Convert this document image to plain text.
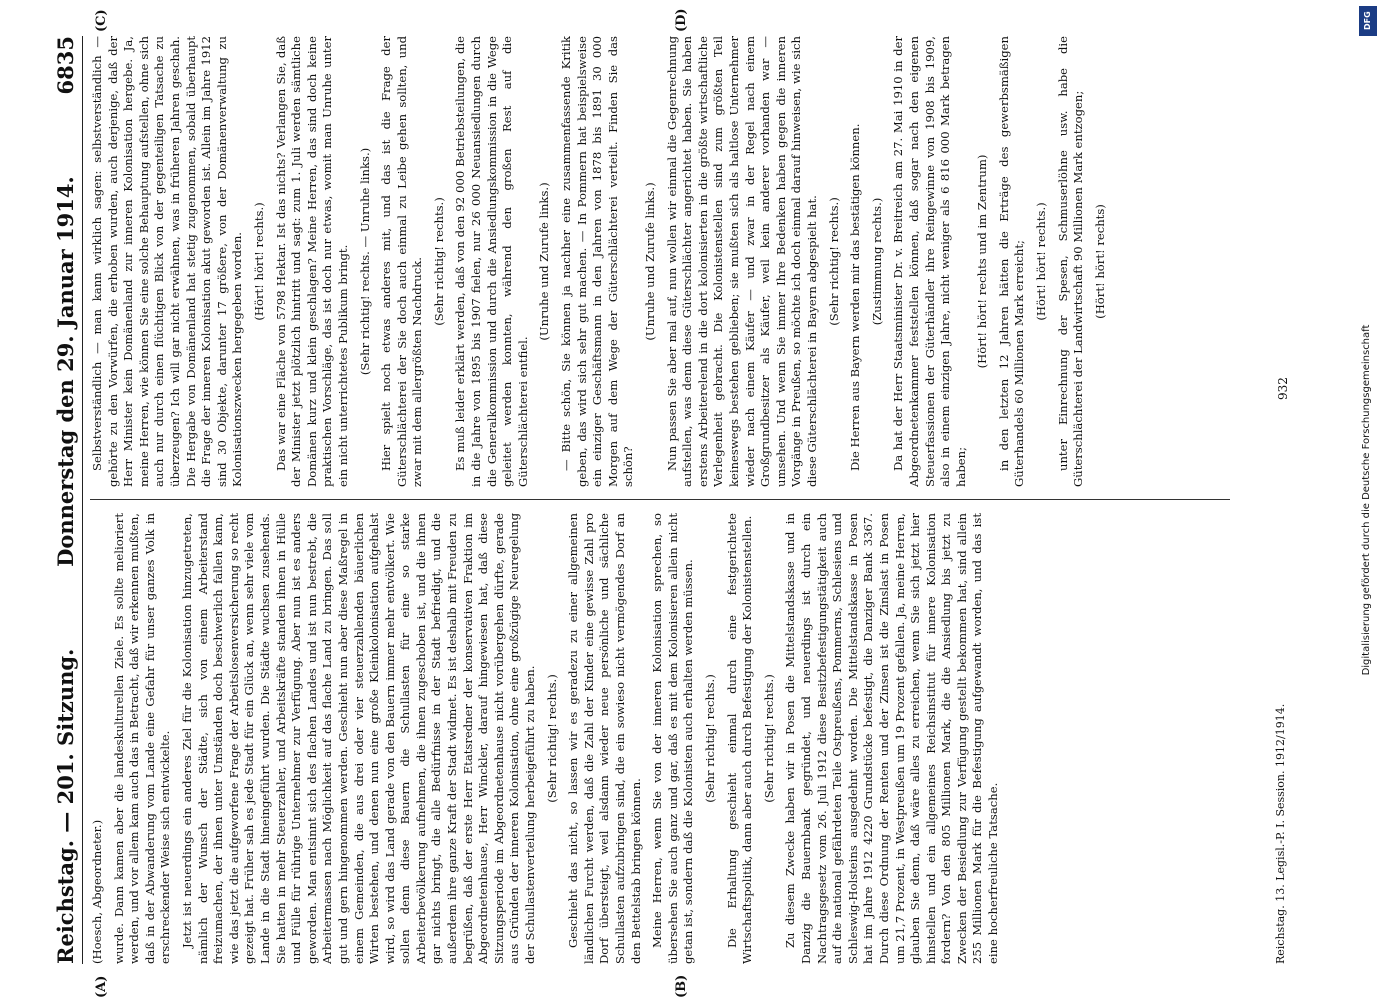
Reichstag. — 201. Sitzung.
Donnerstag den 29. Januar 1914.
6835

(Hoesch, Abgeordneter.) wurde. Dann kamen aber die landeskulturellen Ziele. Es sollte melioriert werden, und vor allem kam auch das in Betracht, daß wir erkennen mußten, daß in der Abwanderung vom Lande eine Gefahr für unser ganzes Volk in erschreckender Weise sich entwickelte. Jetzt ist neuerdings ein anderes Ziel für die Kolonisation hinzugetreten, nämlich der Wunsch der Städte, sich von einem Arbeiterstand freizumachen, der ihnen unter Umständen doch beschwerlich fallen kann, wie das jetzt die aufgeworfene Frage der Arbeitslosenversicherung so recht gezeigt hat. Früher sah es jede Stadt für ein Glück an, wenn sehr viele vom Lande in die Stadt hineingeführt wurden. Die Städte wuchsen zusehends. Sie hatten in mehr Steuerzahler, und Arbeitskräfte standen ihnen in Hülle und Fülle für rührige Unternehmer zur Verfügung. Aber nun ist es anders geworden. Man entsinnt sich des flachen Landes und ist nun bestrebt, die Arbeitermassen nach Möglichkeit auf das flache Land zu bringen. Das soll gut und gern hingenommen werden. Geschieht nun aber diese Maßregel in einem Gemeinden, die aus drei oder vier steuerzahlenden bäuerlichen Wirten bestehen, und denen nun eine große Kleinkolonisation aufgehalst wird, so wird das Land gerade von den Bauern immer mehr entvölkert. Wie sollen denn diese Bauern die Schullasten für eine so starke Arbeiterbevölkerung aufnehmen, die ihnen zugeschoben ist, und die ihnen gar nichts bringt, die alle Bedürfnisse in der Stadt befriedigt, und die außerdem ihre ganze Kraft der Stadt widmet. Es ist deshalb mit Freuden zu begrüßen, daß der erste Herr Etatsredner der konservativen Fraktion im Abgeordnetenhause, Herr Winckler, darauf hingewiesen hat, daß diese Sitzungsperiode im Abgeordnetenhause nicht vorübergehen dürfte, gerade aus Gründen der inneren Kolonisation, ohne eine großzügige Neuregelung der Schullastenverteilung herbeigeführt zu haben. (Sehr richtig! rechts.) Geschieht das nicht, so lassen wir es geradezu zu einer allgemeinen ländlichen Furcht werden, daß die Zahl der Kinder eine gewisse Zahl pro Dorf übersteigt, weil alsdann wieder neue persönliche und sächliche Schullasten aufzubringen sind, die ein sowieso nicht vermögendes Dorf an den Bettelstab bringen können. Meine Herren, wenn Sie von der inneren Kolonisation sprechen, so übersehen Sie auch ganz und gar, daß es mit dem Kolonisieren allein nicht getan ist, sondern daß die Kolonisten auch erhalten werden müssen. (Sehr richtig! rechts.) Die Erhaltung geschieht einmal durch eine festgerichtete Wirtschaftspolitik, dann aber auch durch Befestigung der Kolonistenstellen. (Sehr richtig! rechts.) Zu diesem Zwecke haben wir in Posen die Mittelstandskasse und in Danzig die Bauernbank gegründet, und neuerdings ist durch ein Nachtragsgesetz vom 26. Juli 1912 diese Besitzbefestigungstätigkeit auch auf die national gefährdeten Teile Ostpreußens, Pommerns, Schlesiens und Schleswig-Holsteins ausgedehnt worden. Die Mittelstandskasse in Posen hat im Jahre 1912 4220 Grundstücke befestigt, die Danziger Bank 3367. Durch diese Ordnung der Renten und der Zinsen ist die Zinslast in Posen um 21,7 Prozent, in Westpreußen um 19 Prozent gefallen. Ja, meine Herren, glauben Sie denn, daß wäre alles zu erreichen, wenn Sie sich jetzt hier hinstellen und ein allgemeines Reichsinstitut für innere Kolonisation fordern? Von den 805 Millionen Mark, die die Ansiedlung bis jetzt zu Zwecken der Besiedlung zur Verfügung gestellt bekommen hat, sind allein 255 Millionen Mark für die Befestigung aufgewandt worden, und das ist eine hocherfreuliche Tatsache.

Selbstverständlich — man kann wirklich sagen: selbstverständlich — gehörte zu den Vorwürfen, die erhoben wurden, auch derjenige, daß der Herr Minister kein Domänenland zur inneren Kolonisation hergebe. Ja, meine Herren, wie können Sie eine solche Behauptung aufstellen, ohne sich auch nur durch einen flüchtigen Blick von der gegenteiligen Tatsache zu überzeugen? Ich will gar nicht erwähnen, was in früheren Jahren geschah. Die Hergabe von Domänenland hat stetig zugenommen, sobald überhaupt die Frage der inneren Kolonisation akut geworden ist. Allein im Jahre 1912 sind 30 Objekte, darunter 17 größere, von der Domänenverwaltung zu Kolonisationszwecken hergegeben worden. (Hört! hört! rechts.) Das war eine Fläche von 5798 Hektar. Ist das nichts? Verlangen Sie, daß der Minister jetzt plötzlich hintritt und sagt: zum 1. Juli werden sämtliche Domänen kurz und klein geschlagen? Meine Herren, das sind doch keine praktischen Vorschläge, das ist doch nur etwas, womit man Unruhe unter ein nicht unterrichtetes Publikum bringt. (Sehr richtig! rechts. — Unruhe links.) Hier spielt noch etwas anderes mit, und das ist die Frage der Güterschlächterei der Sie doch auch einmal zu Leibe gehen sollten, und zwar mit dem allergrößten Nachdruck. (Sehr richtig! rechts.) Es muß leider erklärt werden, daß von den 92 000 Betriebsteilungen, die in die Jahre von 1895 bis 1907 fielen, nur 26 000 Neuansiedlungen durch die Generalkommission und durch die Ansiedlungskommission in die Wege geleitet werden konnten, während den großen Rest auf die Güterschlächterei entfiel.

(Unruhe und Zurufe links.) — Bitte schön, Sie können ja nachher eine zusammenfassende Kritik geben, das wird sich sehr gut machen. — In Pommern hat beispielsweise ein einziger Geschäftsmann in den Jahren von 1878 bis 1891 30 000 Morgen auf dem Wege der Güterschlächterei verteilt. Finden Sie das schön?

(Unruhe und Zurufe links.) Nun passen Sie aber mal auf, nun wollen wir einmal die Gegenrechnung aufstellen, was denn diese Güterschlächter angerichtet haben. Sie haben erstens Arbeiterelend in die dort kolonisierten in die größte wirtschaftliche Verlegenheit gebracht. Die Kolonistenstellen sind zum größten Teil keineswegs bestehen geblieben; sie mußten sich als haltlose Unternehmer wieder nach einem Käufer — und zwar in der Regel nach einem Großgrundbesitzer als Käufer, weil kein anderer vorhanden war — umsehen. Und wenn Sie immer Ihre Bedenken haben gegen die inneren Vorgänge in Preußen, so möchte ich doch einmal darauf hinweisen, wie sich diese Güterschlächterei in Bayern abgespielt hat. (Sehr richtig! rechts.) Die Herren aus Bayern werden mir das bestätigen können. (Zustimmung rechts.) Da hat der Herr Staatsminister Dr. v. Breitreich am 27. Mai 1910 in der Abgeordnetenkammer feststellen können, daß sogar nach den eigenen Steuerfassionen der Güterhändler ihre Reingewinne von 1908 bis 1909, also in einem einzigen Jahre, nicht weniger als 6 816 000 Mark betragen haben;

(Hört! hört! rechts und im Zentrum) in den letzten 12 Jahren hätten die Erträge des gewerbsmäßigen Güterhandels 60 Millionen Mark erreicht; (Hört! hört! rechts.) unter Einrechnung der Spesen, Schmuserlöhne usw. habe die Güterschlächterei der Landwirtschaft 90 Millionen Mark entzogen; (Hört! hört! rechts)

(A)	(B)
(C)	(D)
Reichstag. 13. Legisl.-P. I. Session. 1912/1914.
932
DFG
Digitalisierung gefördert durch die Deutsche Forschungsgemeinschaft
